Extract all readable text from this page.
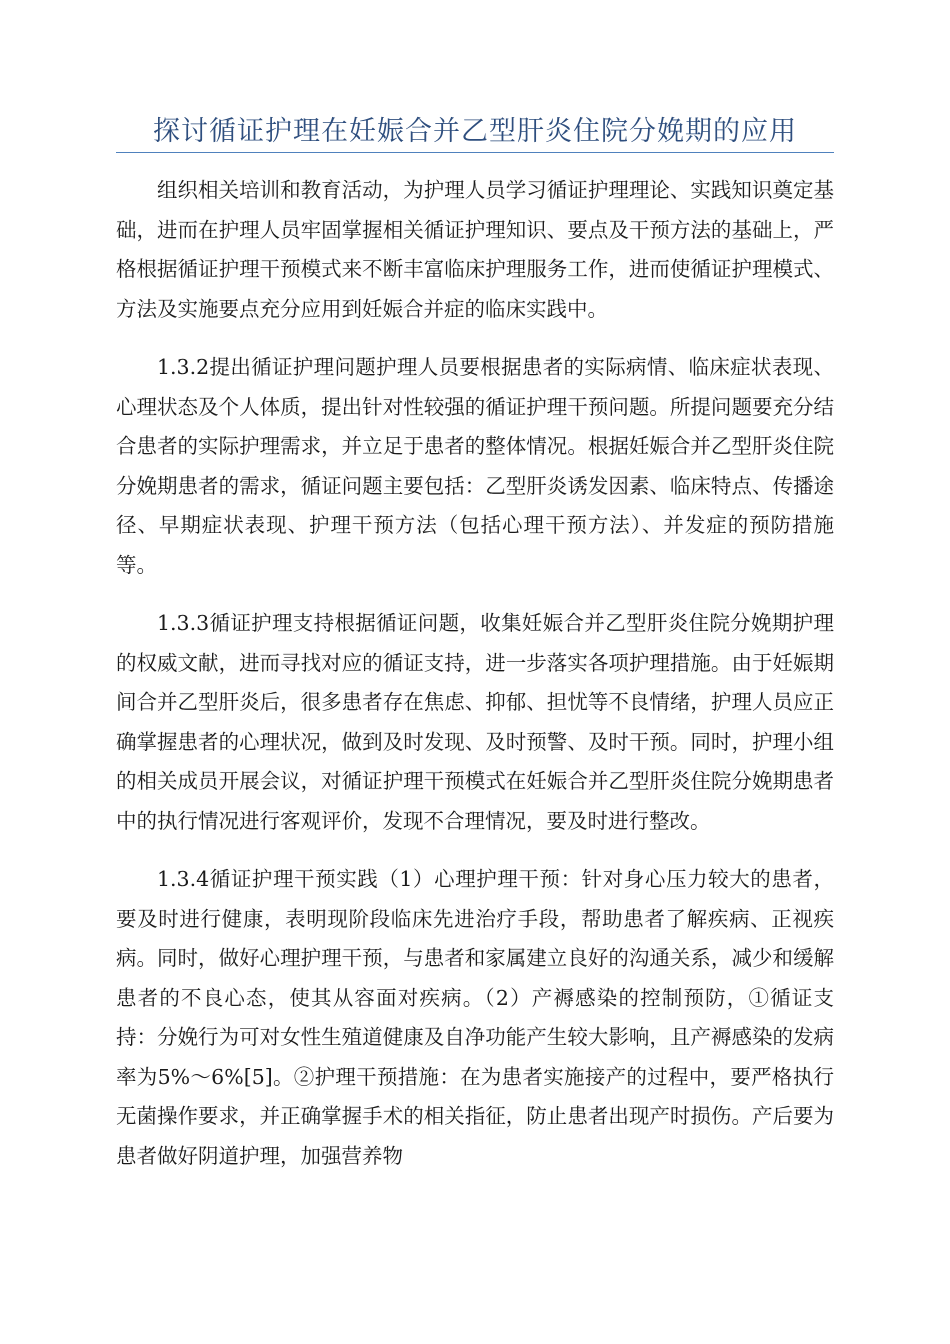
探讨循证护理在妊娠合并乙型肝炎住院分娩期的应用

组织相关培训和教育活动，为护理人员学习循证护理理论、实践知识奠定基础，进而在护理人员牢固掌握相关循证护理知识、要点及干预方法的基础上，严格根据循证护理干预模式来不断丰富临床护理服务工作，进而使循证护理模式、方法及实施要点充分应用到妊娠合并症的临床实践中。

1.3.2提出循证护理问题护理人员要根据患者的实际病情、临床症状表现、心理状态及个人体质，提出针对性较强的循证护理干预问题。所提问题要充分结合患者的实际护理需求，并立足于患者的整体情况。根据妊娠合并乙型肝炎住院分娩期患者的需求，循证问题主要包括：乙型肝炎诱发因素、临床特点、传播途径、早期症状表现、护理干预方法（包括心理干预方法）、并发症的预防措施等。

1.3.3循证护理支持根据循证问题，收集妊娠合并乙型肝炎住院分娩期护理的权威文献，进而寻找对应的循证支持，进一步落实各项护理措施。由于妊娠期间合并乙型肝炎后，很多患者存在焦虑、抑郁、担忧等不良情绪，护理人员应正确掌握患者的心理状况，做到及时发现、及时预警、及时干预。同时，护理小组的相关成员开展会议，对循证护理干预模式在妊娠合并乙型肝炎住院分娩期患者中的执行情况进行客观评价，发现不合理情况，要及时进行整改。

1.3.4循证护理干预实践（1）心理护理干预：针对身心压力较大的患者，要及时进行健康，表明现阶段临床先进治疗手段，帮助患者了解疾病、正视疾病。同时，做好心理护理干预，与患者和家属建立良好的沟通关系，减少和缓解患者的不良心态，使其从容面对疾病。（2）产褥感染的控制预防，①循证支持：分娩行为可对女性生殖道健康及自净功能产生较大影响，且产褥感染的发病率为5%～6%[5]。②护理干预措施：在为患者实施接产的过程中，要严格执行无菌操作要求，并正确掌握手术的相关指征，防止患者出现产时损伤。产后要为患者做好阴道护理，加强营养物
